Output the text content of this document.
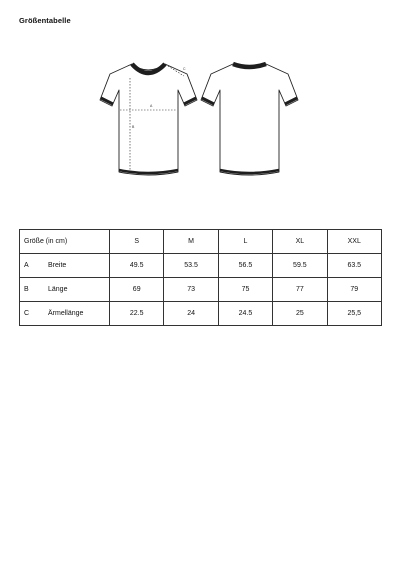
Größentabelle
A
B
C
Größe (in cm)	S	M	L	XL	XXL
A Breite	49.5	53.5	56.5	59.5	63.5
B Länge	69	73	75	77	79
C Ärmellänge	22.5	24	24.5	25	25,5
